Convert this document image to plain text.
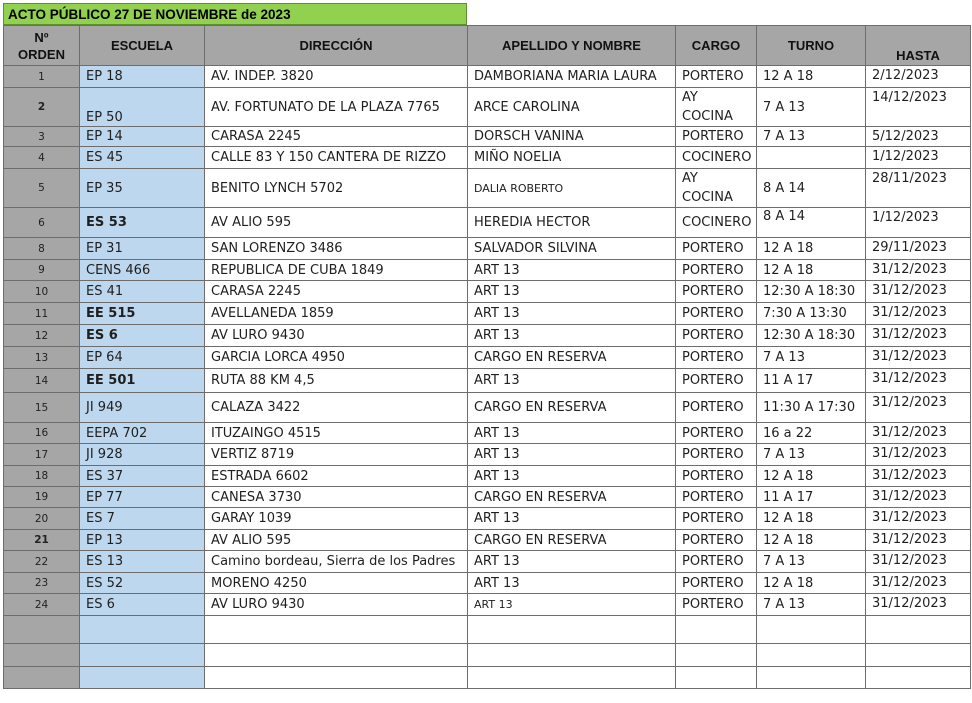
ACTO PÚBLICO 27 DE NOVIEMBRE de 2023
Nº ORDEN	ESCUELA	DIRECCIÓN	APELLIDO Y NOMBRE	CARGO	TURNO	HASTA
1	EP 18	AV. INDEP. 3820	DAMBORIANA MARIA LAURA	PORTERO	12 A 18	2/12/2023
2	EP 50	AV. FORTUNATO DE LA PLAZA 7765	ARCE CAROLINA	AY COCINA	7 A 13	14/12/2023
3	EP 14	CARASA 2245	DORSCH VANINA	PORTERO	7 A 13	5/12/2023
4	ES 45	CALLE 83 Y 150 CANTERA DE RIZZO	MIÑO NOELIA	COCINERO		1/12/2023
5	EP 35	BENITO LYNCH 5702	DALIA ROBERTO	AY COCINA	8 A 14	28/11/2023
6	ES 53	AV ALIO 595	HEREDIA HECTOR	COCINERO	8 A 14	1/12/2023
8	EP 31	SAN LORENZO 3486	SALVADOR SILVINA	PORTERO	12 A 18	29/11/2023
9	CENS 466	REPUBLICA DE CUBA 1849	ART 13	PORTERO	12 A 18	31/12/2023
10	ES 41	CARASA 2245	ART 13	PORTERO	12:30 A 18:30	31/12/2023
11	EE 515	AVELLANEDA 1859	ART 13	PORTERO	7:30 A 13:30	31/12/2023
12	ES 6	AV LURO 9430	ART 13	PORTERO	12:30 A 18:30	31/12/2023
13	EP 64	GARCIA LORCA 4950	CARGO EN RESERVA	PORTERO	7 A 13	31/12/2023
14	EE 501	RUTA 88 KM 4,5	ART 13	PORTERO	11 A 17	31/12/2023
15	JI 949	CALAZA 3422	CARGO EN RESERVA	PORTERO	11:30 A 17:30	31/12/2023
16	EEPA 702	ITUZAINGO 4515	ART 13	PORTERO	16 a 22	31/12/2023
17	JI 928	VERTIZ 8719	ART 13	PORTERO	7 A 13	31/12/2023
18	ES 37	ESTRADA 6602	ART 13	PORTERO	12 A 18	31/12/2023
19	EP 77	CANESA 3730	CARGO EN RESERVA	PORTERO	11 A 17	31/12/2023
20	ES 7	GARAY 1039	ART 13	PORTERO	12 A 18	31/12/2023
21	EP 13	AV ALIO 595	CARGO EN RESERVA	PORTERO	12 A 18	31/12/2023
22	ES 13	Camino bordeau, Sierra de los Padres	ART 13	PORTERO	7 A 13	31/12/2023
23	ES 52	MORENO 4250	ART 13	PORTERO	12 A 18	31/12/2023
24	ES 6	AV LURO 9430	ART 13	PORTERO	7 A 13	31/12/2023
